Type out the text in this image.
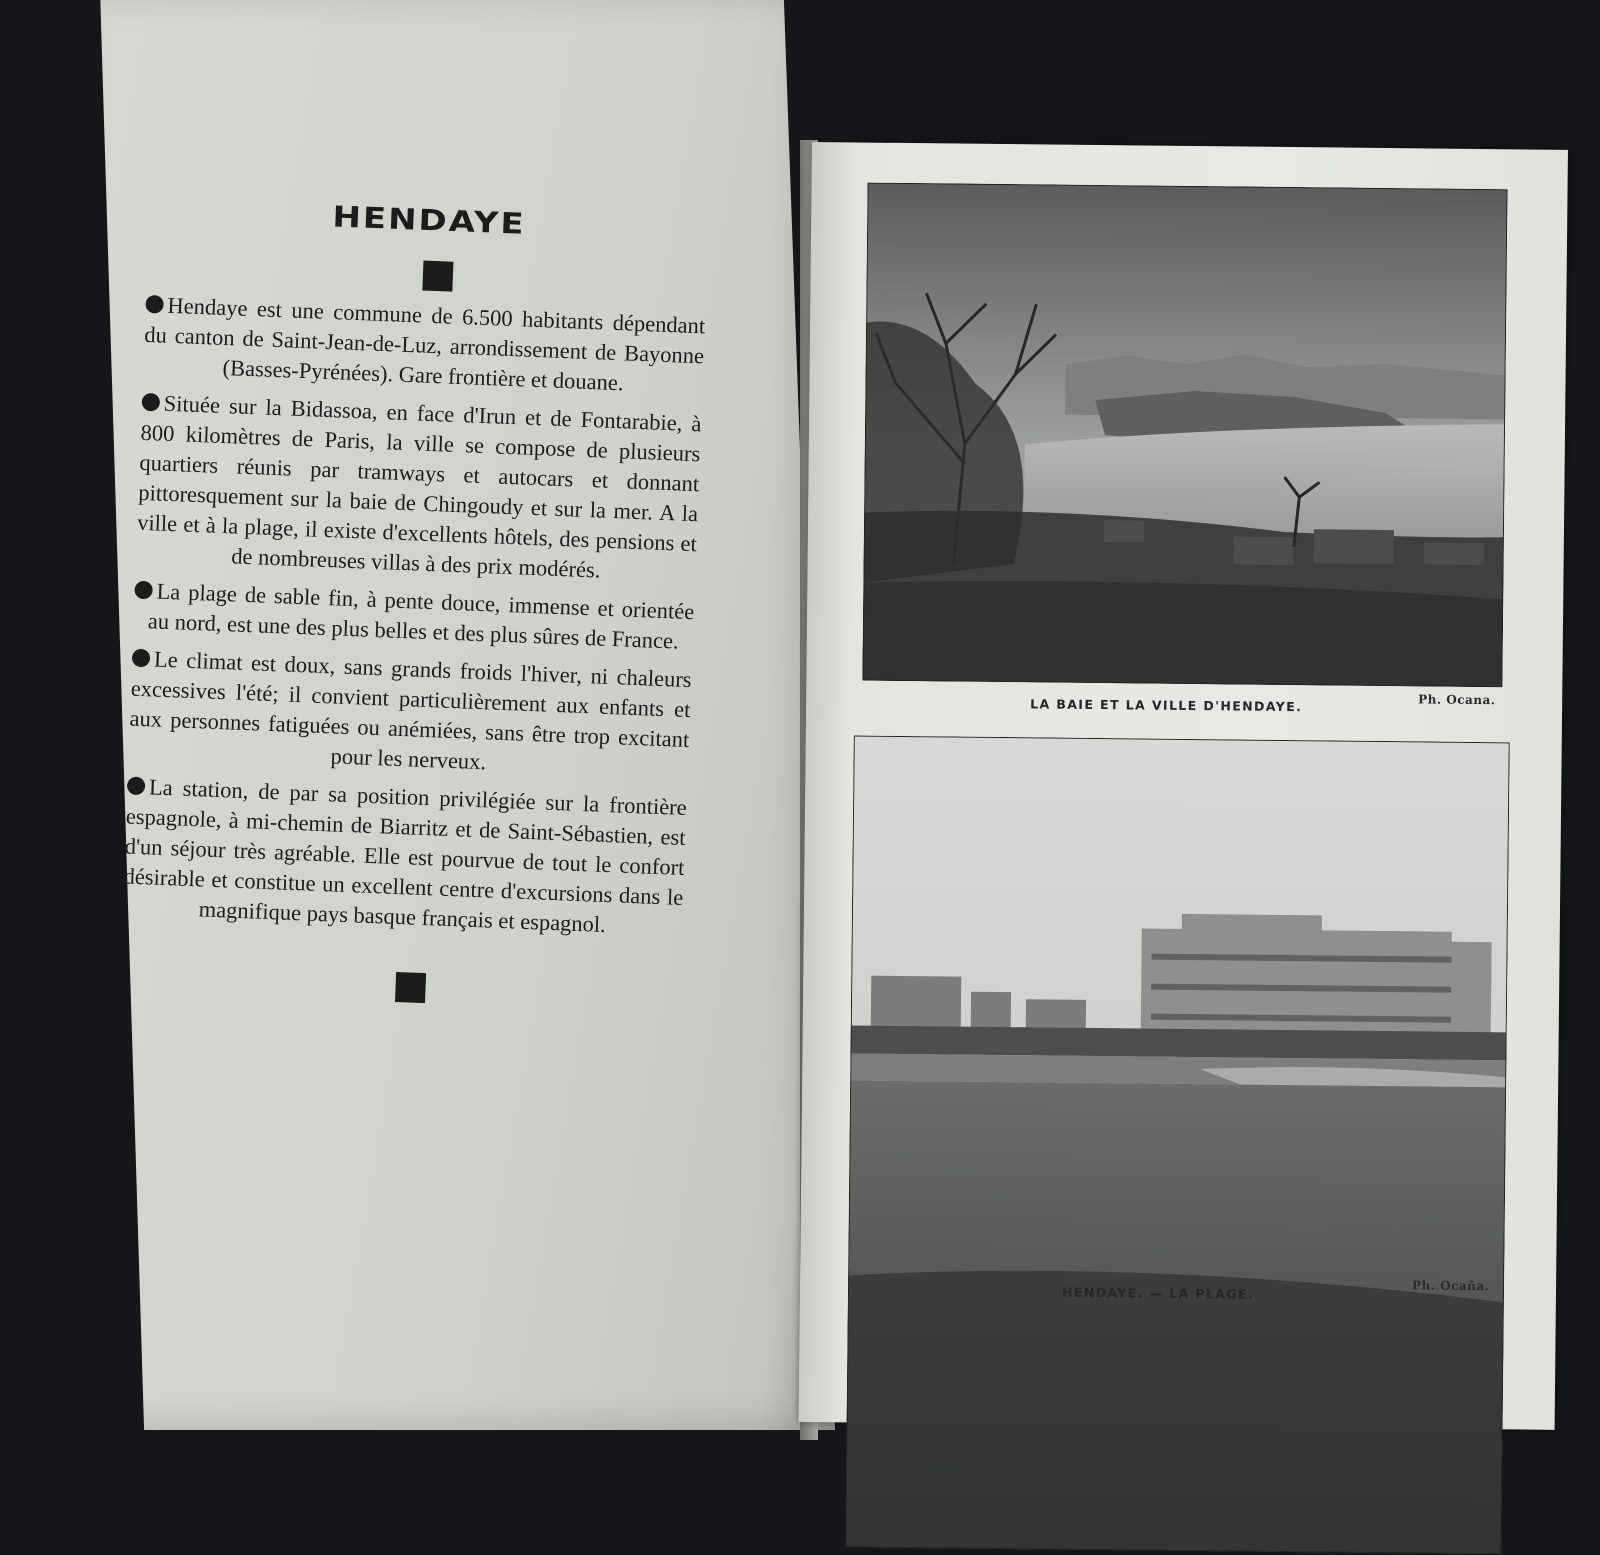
HENDAYE

Hendaye est une commune de 6.500 habitants dépendant du canton de Saint-Jean-de-Luz, arrondissement de Bayonne (Basses-Pyrénées). Gare frontière et douane.

Située sur la Bidassoa, en face d'Irun et de Fontarabie, à 800 kilomètres de Paris, la ville se compose de plusieurs quartiers réunis par tramways et autocars et donnant pittoresquement sur la baie de Chingoudy et sur la mer. A la ville et à la plage, il existe d'excellents hôtels, des pensions et de nombreuses villas à des prix modérés.

La plage de sable fin, à pente douce, immense et orientée au nord, est une des plus belles et des plus sûres de France.

Le climat est doux, sans grands froids l'hiver, ni chaleurs excessives l'été; il convient particulièrement aux enfants et aux personnes fatiguées ou anémiées, sans être trop excitant pour les nerveux.

La station, de par sa position privilégiée sur la frontière espagnole, à mi-chemin de Biarritz et de Saint-Sébastien, est d'un séjour très agréable. Elle est pourvue de tout le confort désirable et constitue un excellent centre d'excursions dans le magnifique pays basque français et espagnol.

LA BAIE ET LA VILLE D'HENDAYE.	Ph. Ocana.
HENDAYE. — LA PLAGE.	Ph. Ocaña.
